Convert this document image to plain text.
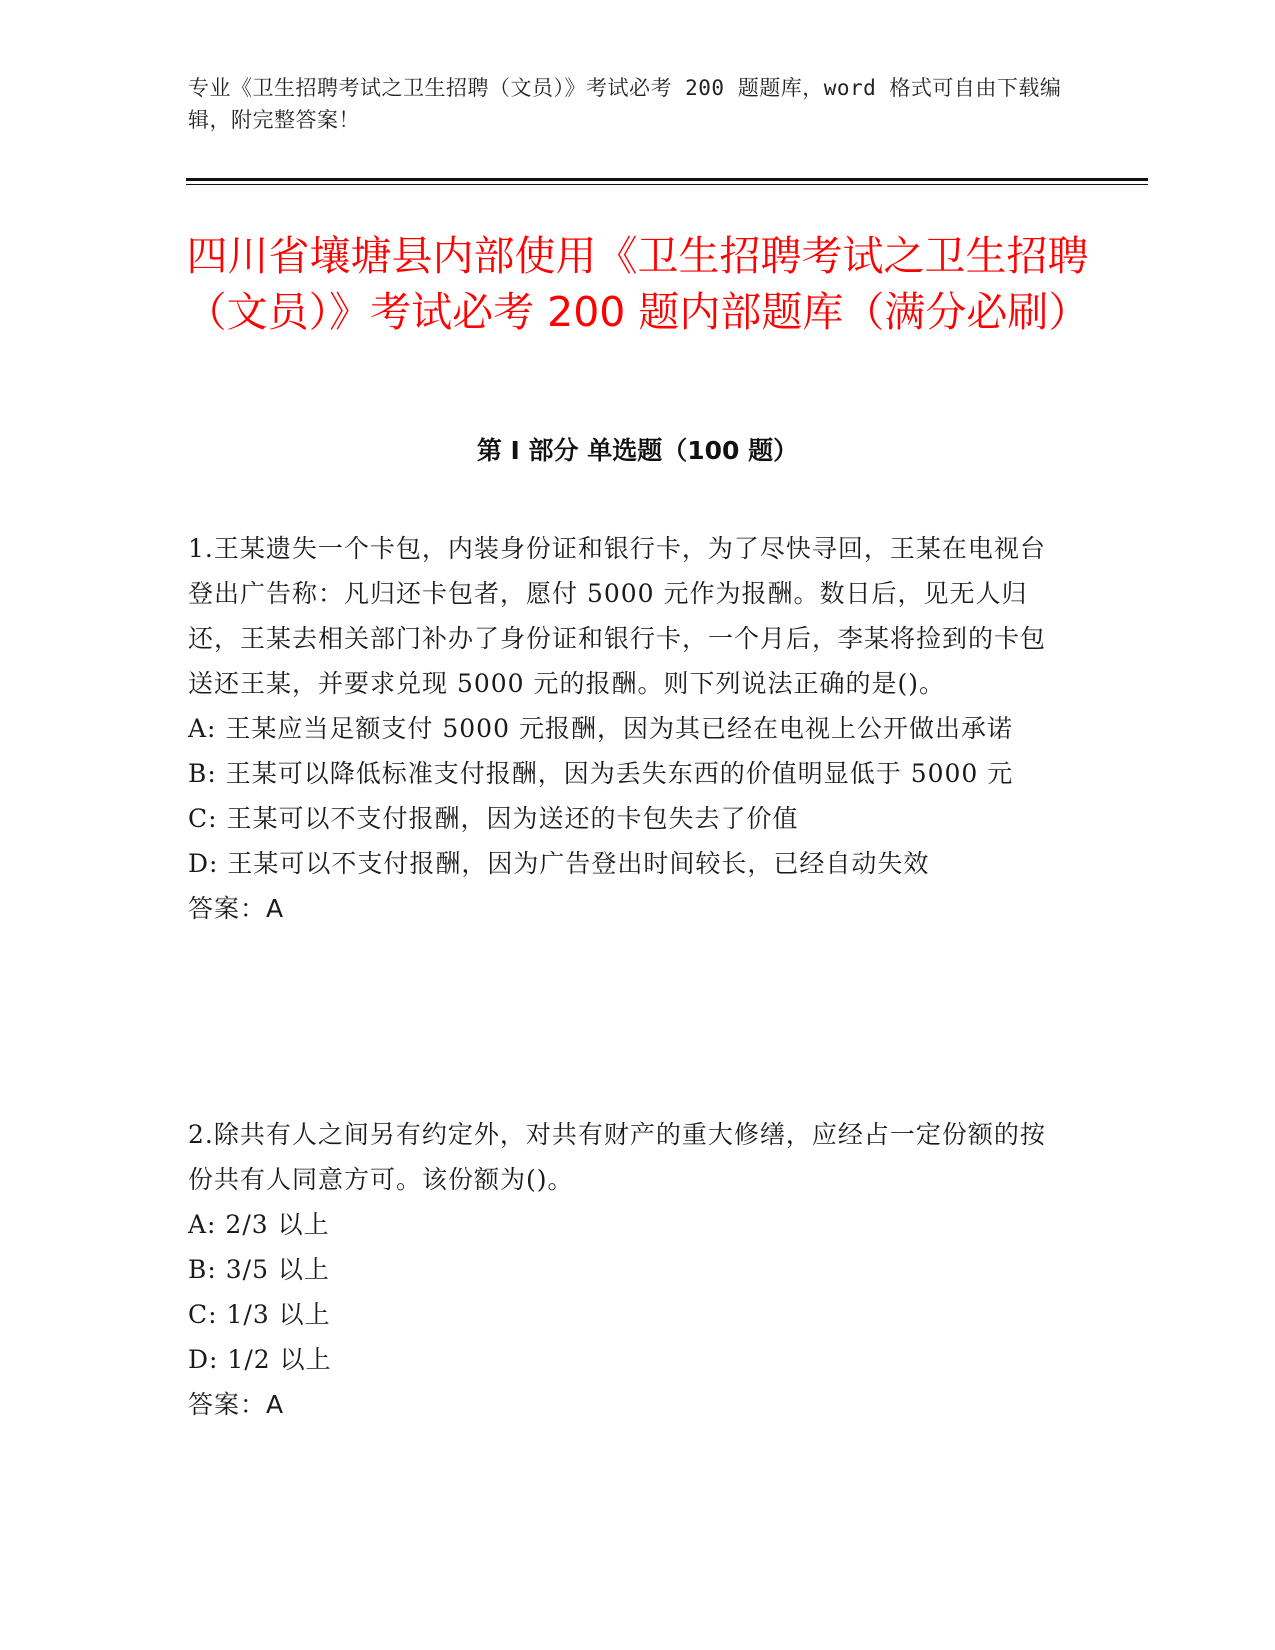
专业《卫生招聘考试之卫生招聘（文员）》考试必考 200 题题库，word 格式可自由下载编辑，附完整答案！
四川省壤塘县内部使用《卫生招聘考试之卫生招聘（文员）》考试必考 200 题内部题库（满分必刷）
第 I 部分 单选题（100 题）
1.王某遗失一个卡包，内装身份证和银行卡，为了尽快寻回，王某在电视台登出广告称：凡归还卡包者，愿付 5000 元作为报酬。数日后，见无人归还，王某去相关部门补办了身份证和银行卡，一个月后，李某将捡到的卡包送还王某，并要求兑现 5000 元的报酬。则下列说法正确的是()。
A: 王某应当足额支付 5000 元报酬，因为其已经在电视上公开做出承诺
B: 王某可以降低标准支付报酬，因为丢失东西的价值明显低于 5000 元
C: 王某可以不支付报酬，因为送还的卡包失去了价值
D: 王某可以不支付报酬，因为广告登出时间较长，已经自动失效
答案：A
2.除共有人之间另有约定外，对共有财产的重大修缮，应经占一定份额的按份共有人同意方可。该份额为()。
A: 2/3 以上
B: 3/5 以上
C: 1/3 以上
D: 1/2 以上
答案：A
